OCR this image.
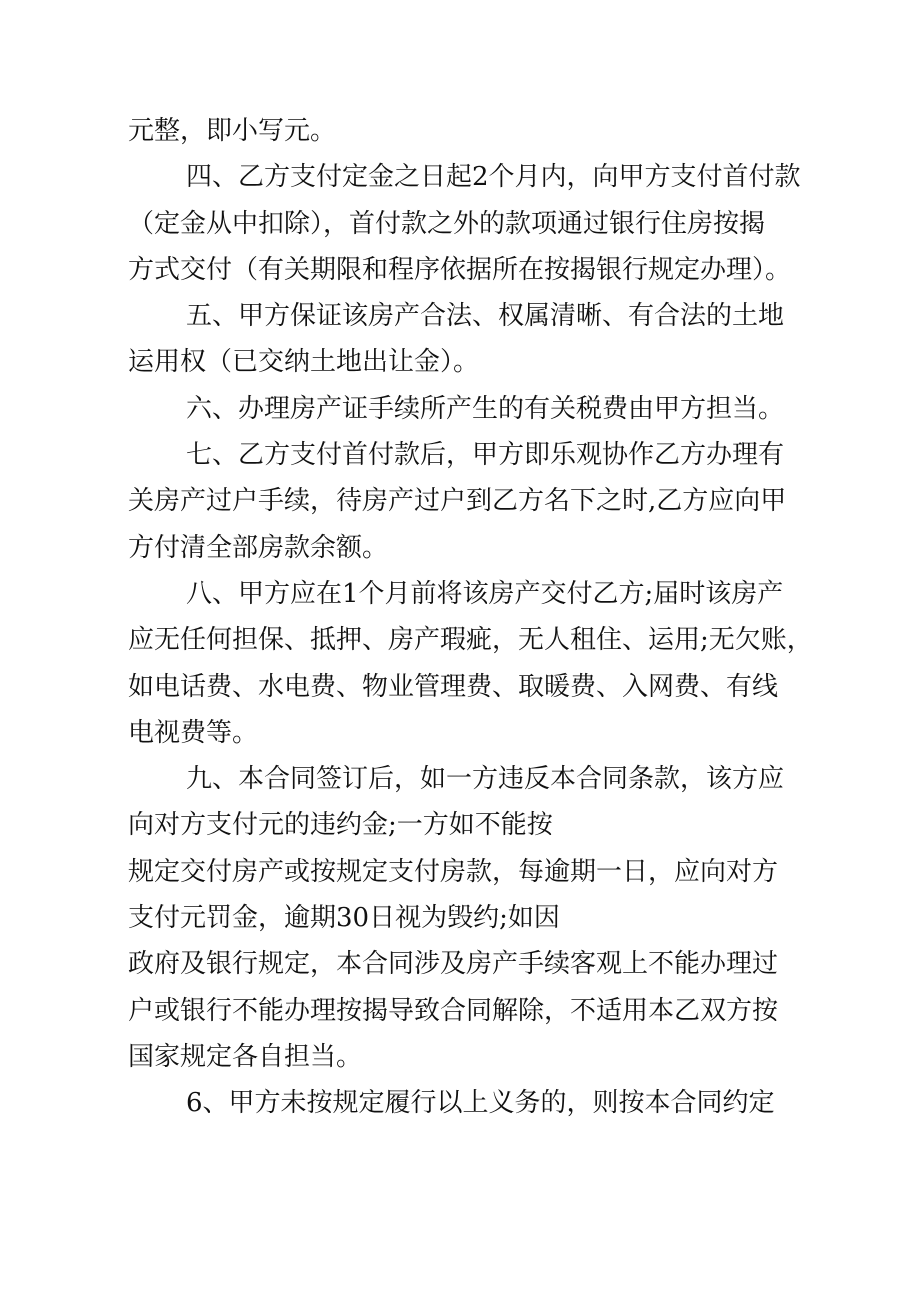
元整，即小写元。
四、乙方支付定金之日起2个月内，向甲方支付首付款
（定金从中扣除），首付款之外的款项通过银行住房按揭
方式交付（有关期限和程序依据所在按揭银行规定办理）。
五、甲方保证该房产合法、权属清晰、有合法的土地
运用权（已交纳土地出让金）。
六、办理房产证手续所产生的有关税费由甲方担当。
七、乙方支付首付款后，甲方即乐观协作乙方办理有
关房产过户手续，待房产过户到乙方名下之时,乙方应向甲
方付清全部房款余额。
八、甲方应在1个月前将该房产交付乙方;届时该房产
应无任何担保、抵押、房产瑕疵，无人租住、运用;无欠账，
如电话费、水电费、物业管理费、取暖费、入网费、有线
电视费等。
九、本合同签订后，如一方违反本合同条款，该方应
向对方支付元的违约金;一方如不能按
规定交付房产或按规定支付房款，每逾期一日，应向对方
支付元罚金，逾期30日视为毁约;如因
政府及银行规定，本合同涉及房产手续客观上不能办理过
户或银行不能办理按揭导致合同解除，不适用本乙双方按
国家规定各自担当。
6、甲方未按规定履行以上义务的，则按本合同约定
